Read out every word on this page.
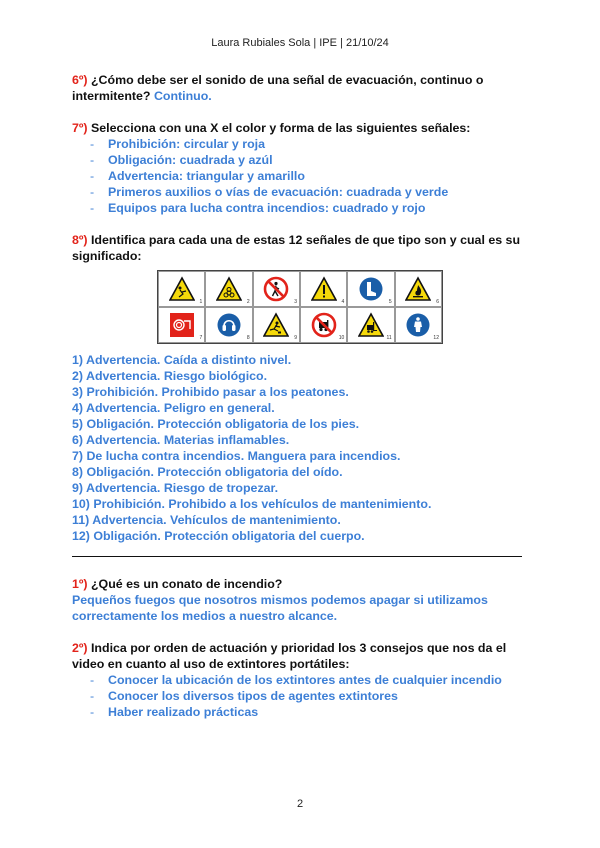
Laura Rubiales Sola | IPE | 21/10/24
6º) ¿Cómo debe ser el sonido de una señal de evacuación, continuo o intermitente? Continuo.
7º) Selecciona con una X el color y forma de las siguientes señales:
- Prohibición: circular y roja
- Obligación: cuadrada y azúl
- Advertencia: triangular y amarillo
- Primeros auxilios o vías de evacuación: cuadrada y verde
- Equipos para lucha contra incendios: cuadrado y rojo
8º) Identifica para cada una de estas 12 señales de que tipo son y cual es su significado:
1	2	3	4	5	6
7	8	9	10	11	12
1) Advertencia. Caída a distinto nivel.
2) Advertencia. Riesgo biológico.
3) Prohibición. Prohibido pasar a los peatones.
4) Advertencia. Peligro en general.
5) Obligación. Protección obligatoria de los pies.
6) Advertencia. Materias inflamables.
7) De lucha contra incendios. Manguera para incendios.
8) Obligación. Protección obligatoria del oído.
9) Advertencia. Riesgo de tropezar.
10) Prohibición. Prohibido a los vehículos de mantenimiento.
11) Advertencia. Vehículos de mantenimiento.
12) Obligación. Protección obligatoria del cuerpo.
1º) ¿Qué es un conato de incendio?
Pequeños fuegos que nosotros mismos podemos apagar si utilizamos correctamente los medios a nuestro alcance.
2º) Indica por orden de actuación y prioridad los 3 consejos que nos da el video en cuanto al uso de extintores portátiles:
- Conocer la ubicación de los extintores antes de cualquier incendio
- Conocer los diversos tipos de agentes extintores
- Haber realizado prácticas
2
